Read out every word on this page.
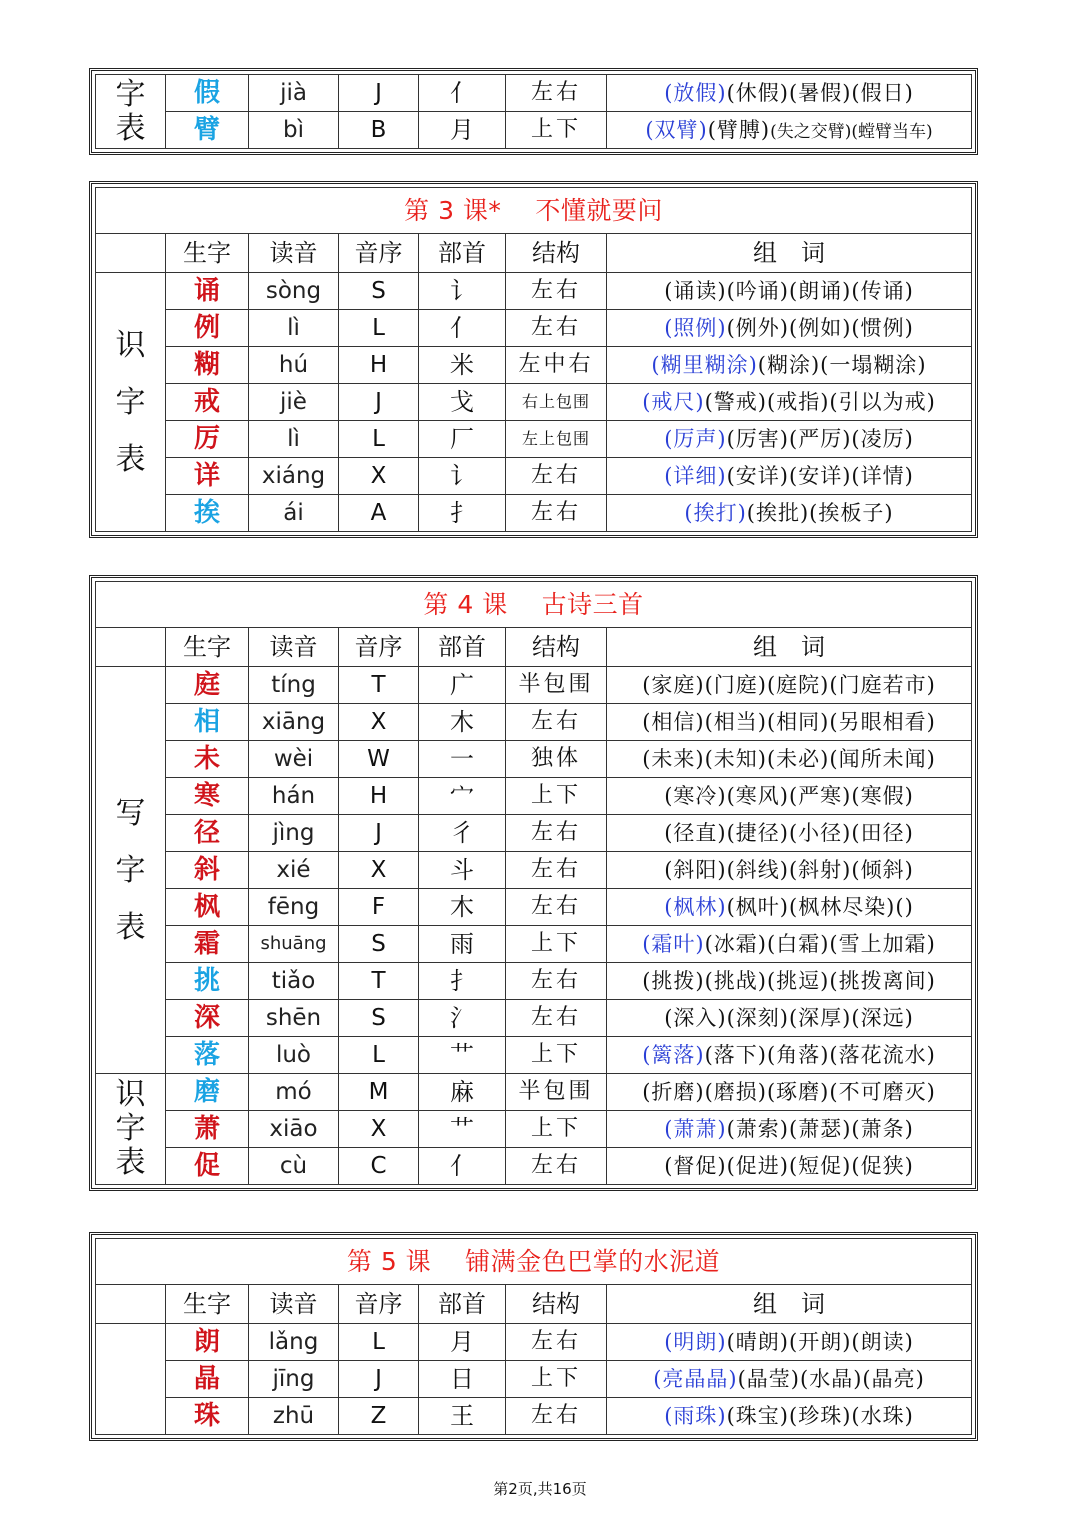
字
表	假	jià	J	亻	左右	(放假)(休假)(暑假)(假日)
	臂	bì	B	月	上下	(双臂)(臂膊)(失之交臂)(螳臂当车)
第 3 课*　 不懂就要问						
	生字	读音	音序	部首	结构	组　词

识
字
表	诵	sòng	S	讠	左右	(诵读)(吟诵)(朗诵)(传诵)
	例	lì	L	亻	左右	(照例)(例外)(例如)(惯例)
	糊	hú	H	米	左中右	(糊里糊涂)(糊涂)(一塌糊涂)
	戒	jiè	J	戈	右上包围	(戒尺)(警戒)(戒指)(引以为戒)
	厉	lì	L	厂	左上包围	(厉声)(厉害)(严厉)(凌厉)
	详	xiáng	X	讠	左右	(详细)(安详)(安详)(详情)
	挨	ái	A	扌	左右	(挨打)(挨批)(挨板子)
第 4 课　 古诗三首						
	生字	读音	音序	部首	结构	组　词

写
字
表	庭	tíng	T	广	半包围	(家庭)(门庭)(庭院)(门庭若市)
	相	xiāng	X	木	左右	(相信)(相当)(相同)(另眼相看)
	未	wèi	W	一	独体	(未来)(未知)(未必)(闻所未闻)
	寒	hán	H	宀	上下	(寒冷)(寒风)(严寒)(寒假)
	径	jìng	J	彳	左右	(径直)(捷径)(小径)(田径)
	斜	xié	X	斗	左右	(斜阳)(斜线)(斜射)(倾斜)
	枫	fēng	F	木	左右	(枫林)(枫叶)(枫林尽染)()
	霜	shuāng	S	雨	上下	(霜叶)(冰霜)(白霜)(雪上加霜)
	挑	tiǎo	T	扌	左右	(挑拨)(挑战)(挑逗)(挑拨离间)
	深	shēn	S	氵	左右	(深入)(深刻)(深厚)(深远)
	落	luò	L	艹	上下	(篱落)(落下)(角落)(落花流水)

识
字
表	磨	mó	M	麻	半包围	(折磨)(磨损)(琢磨)(不可磨灭)
	萧	xiāo	X	艹	上下	(萧萧)(萧索)(萧瑟)(萧条)
	促	cù	C	亻	左右	(督促)(促进)(短促)(促狭)
第 5 课　 铺满金色巴掌的水泥道						
	生字	读音	音序	部首	结构	组　词
	朗	lǎng	L	月	左右	(明朗)(晴朗)(开朗)(朗读)
	晶	jīng	J	日	上下	(亮晶晶)(晶莹)(水晶)(晶亮)
	珠	zhū	Z	王	左右	(雨珠)(珠宝)(珍珠)(水珠)
第2页,共16页
